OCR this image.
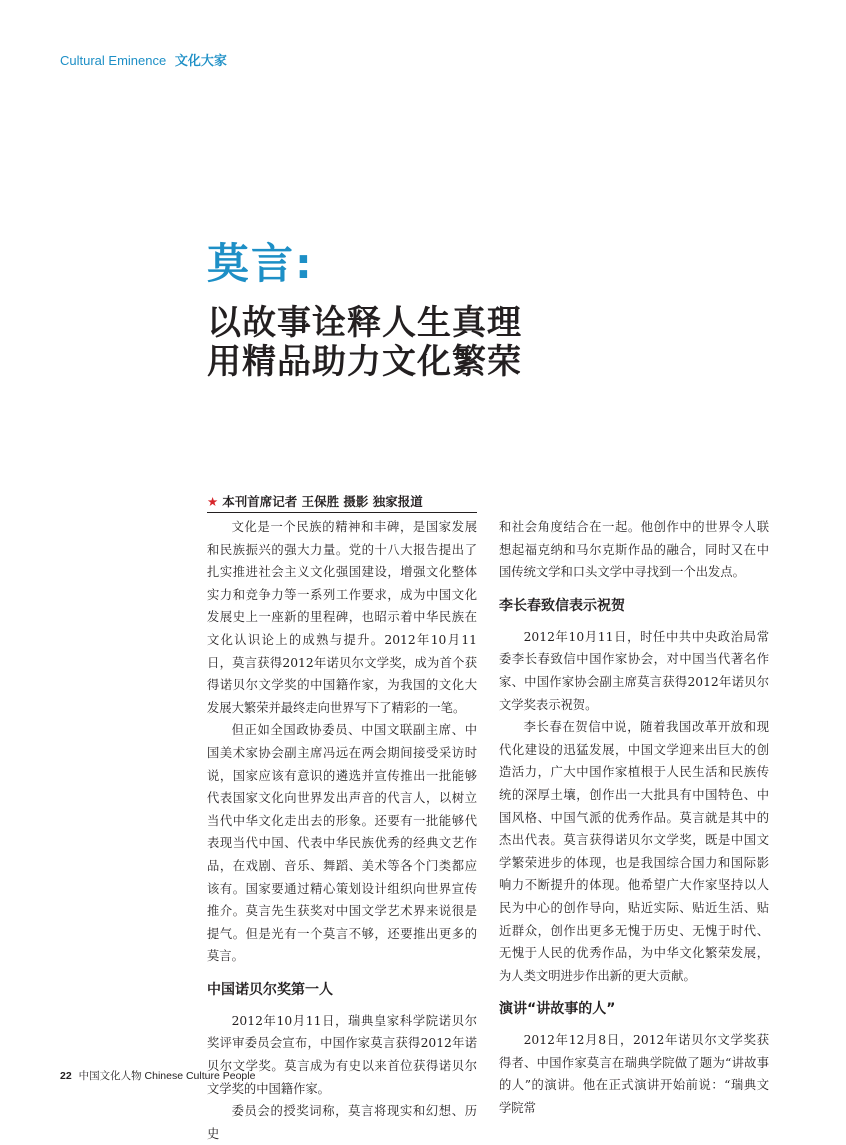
Cultural Eminence 文化大家
莫言:
以故事诠释人生真理
用精品助力文化繁荣
★ 本刊首席记者 王保胜 摄影 独家报道

文化是一个民族的精神和丰碑，是国家发展和民族振兴的强大力量。党的十八大报告提出了扎实推进社会主义文化强国建设，增强文化整体实力和竞争力等一系列工作要求，成为中国文化发展史上一座新的里程碑，也昭示着中华民族在文化认识论上的成熟与提升。2012年10月11日，莫言获得2012年诺贝尔文学奖，成为首个获得诺贝尔文学奖的中国籍作家，为我国的文化大发展大繁荣并最终走向世界写下了精彩的一笔。

但正如全国政协委员、中国文联副主席、中国美术家协会副主席冯远在两会期间接受采访时说，国家应该有意识的遴选并宣传推出一批能够代表国家文化向世界发出声音的代言人，以树立当代中华文化走出去的形象。还要有一批能够代表现当代中国、代表中华民族优秀的经典文艺作品，在戏剧、音乐、舞蹈、美术等各个门类都应该有。国家要通过精心策划设计组织向世界宣传推介。莫言先生获奖对中国文学艺术界来说很是提气。但是光有一个莫言不够，还要推出更多的莫言。

中国诺贝尔奖第一人

2012年10月11日，瑞典皇家科学院诺贝尔奖评审委员会宣布，中国作家莫言获得2012年诺贝尔文学奖。莫言成为有史以来首位获得诺贝尔文学奖的中国籍作家。

委员会的授奖词称，莫言将现实和幻想、历史

和社会角度结合在一起。他创作中的世界令人联想起福克纳和马尔克斯作品的融合，同时又在中国传统文学和口头文学中寻找到一个出发点。

李长春致信表示祝贺

2012年10月11日，时任中共中央政治局常委李长春致信中国作家协会，对中国当代著名作家、中国作家协会副主席莫言获得2012年诺贝尔文学奖表示祝贺。

李长春在贺信中说，随着我国改革开放和现代化建设的迅猛发展，中国文学迎来出巨大的创造活力，广大中国作家植根于人民生活和民族传统的深厚土壤，创作出一大批具有中国特色、中国风格、中国气派的优秀作品。莫言就是其中的杰出代表。莫言获得诺贝尔文学奖，既是中国文学繁荣进步的体现，也是我国综合国力和国际影响力不断提升的体现。他希望广大作家坚持以人民为中心的创作导向，贴近实际、贴近生活、贴近群众，创作出更多无愧于历史、无愧于时代、无愧于人民的优秀作品，为中华文化繁荣发展，为人类文明进步作出新的更大贡献。

演讲“讲故事的人”

2012年12月8日，2012年诺贝尔文学奖获得者、中国作家莫言在瑞典学院做了题为“讲故事的人”的演讲。他在正式演讲开始前说：“瑞典文学院常

22 中国文化人物 Chinese Culture People
